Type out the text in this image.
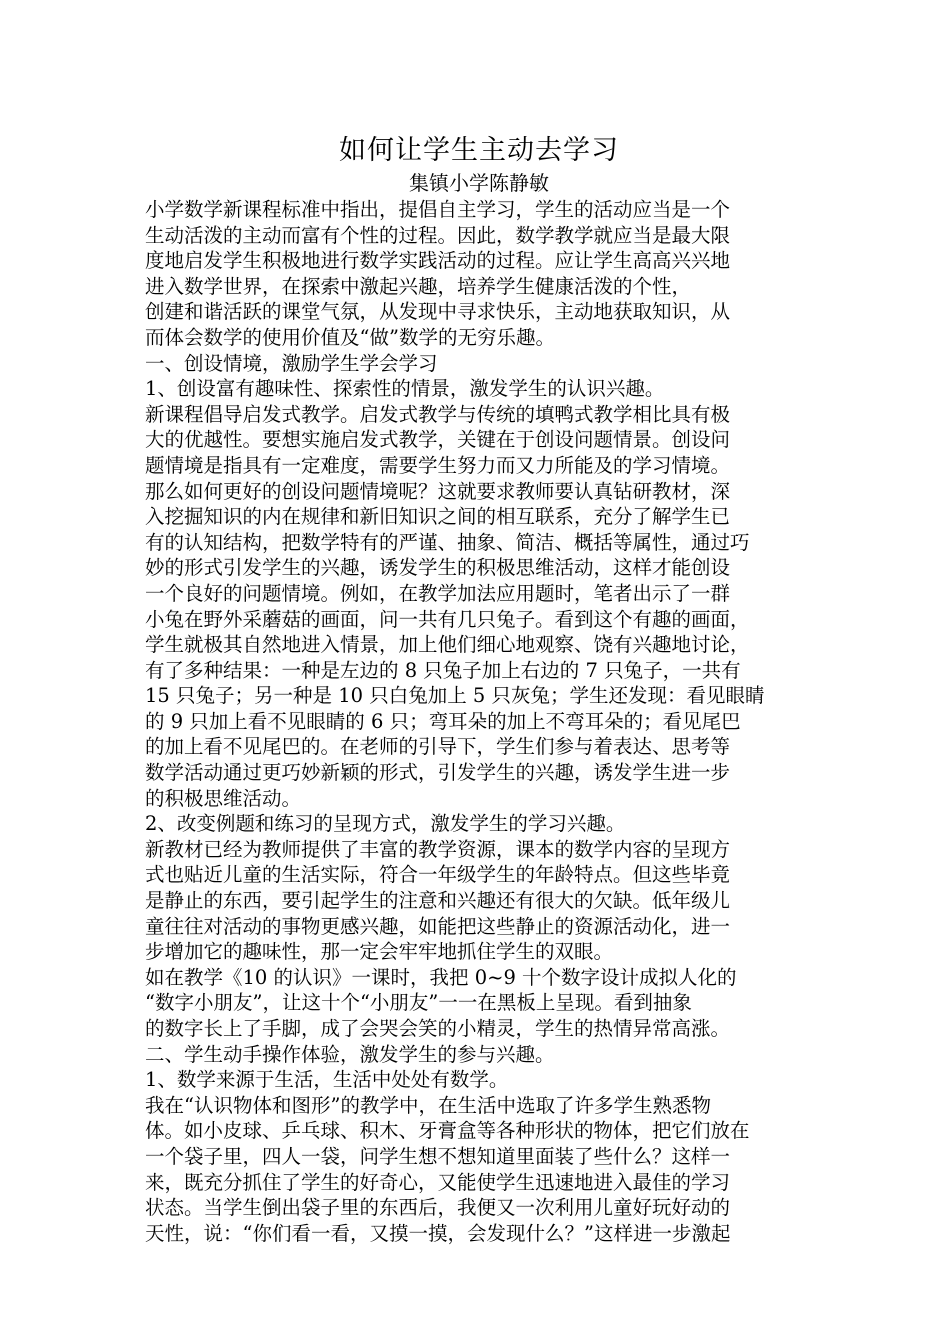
如何让学生主动去学习
集镇小学陈静敏
小学数学新课程标准中指出，提倡自主学习，学生的活动应当是一个
生动活泼的主动而富有个性的过程。因此，数学教学就应当是最大限
度地启发学生积极地进行数学实践活动的过程。应让学生高高兴兴地
进入数学世界，在探索中激起兴趣，培养学生健康活泼的个性，
创建和谐活跃的课堂气氛，从发现中寻求快乐，主动地获取知识，从
而体会数学的使用价值及“做”数学的无穷乐趣。
一、创设情境，激励学生学会学习
1、创设富有趣味性、探索性的情景，激发学生的认识兴趣。
新课程倡导启发式教学。启发式教学与传统的填鸭式教学相比具有极
大的优越性。要想实施启发式教学，关键在于创设问题情景。创设问
题情境是指具有一定难度，需要学生努力而又力所能及的学习情境。
那么如何更好的创设问题情境呢？这就要求教师要认真钻研教材，深
入挖掘知识的内在规律和新旧知识之间的相互联系，充分了解学生已
有的认知结构，把数学特有的严谨、抽象、简洁、概括等属性，通过巧
妙的形式引发学生的兴趣，诱发学生的积极思维活动，这样才能创设
一个良好的问题情境。例如，在教学加法应用题时，笔者出示了一群
小兔在野外采蘑菇的画面，问一共有几只兔子。看到这个有趣的画面，
学生就极其自然地进入情景，加上他们细心地观察、饶有兴趣地讨论，
有了多种结果：一种是左边的 8 只兔子加上右边的 7 只兔子，一共有
15 只兔子；另一种是 10 只白兔加上 5 只灰兔；学生还发现：看见眼睛
的 9 只加上看不见眼睛的 6 只；弯耳朵的加上不弯耳朵的；看见尾巴
的加上看不见尾巴的。在老师的引导下，学生们参与着表达、思考等
数学活动通过更巧妙新颖的形式，引发学生的兴趣，诱发学生进一步
的积极思维活动。
2、改变例题和练习的呈现方式，激发学生的学习兴趣。
新教材已经为教师提供了丰富的教学资源，课本的数学内容的呈现方
式也贴近儿童的生活实际，符合一年级学生的年龄特点。但这些毕竟
是静止的东西，要引起学生的注意和兴趣还有很大的欠缺。低年级儿
童往往对活动的事物更感兴趣，如能把这些静止的资源活动化，进一
步增加它的趣味性，那一定会牢牢地抓住学生的双眼。
如在教学《10 的认识》一课时，我把 0~9 十个数字设计成拟人化的
“数字小朋友”，让这十个“小朋友”一一在黑板上呈现。看到抽象
的数字长上了手脚，成了会哭会笑的小精灵，学生的热情异常高涨。
二、学生动手操作体验，激发学生的参与兴趣。
1、数学来源于生活，生活中处处有数学。
我在“认识物体和图形”的教学中，在生活中选取了许多学生熟悉物
体。如小皮球、乒乓球、积木、牙膏盒等各种形状的物体，把它们放在
一个袋子里，四人一袋，问学生想不想知道里面装了些什么？这样一
来，既充分抓住了学生的好奇心，又能使学生迅速地进入最佳的学习
状态。当学生倒出袋子里的东西后，我便又一次利用儿童好玩好动的
天性，说：“你们看一看，又摸一摸，会发现什么？”这样进一步激起
